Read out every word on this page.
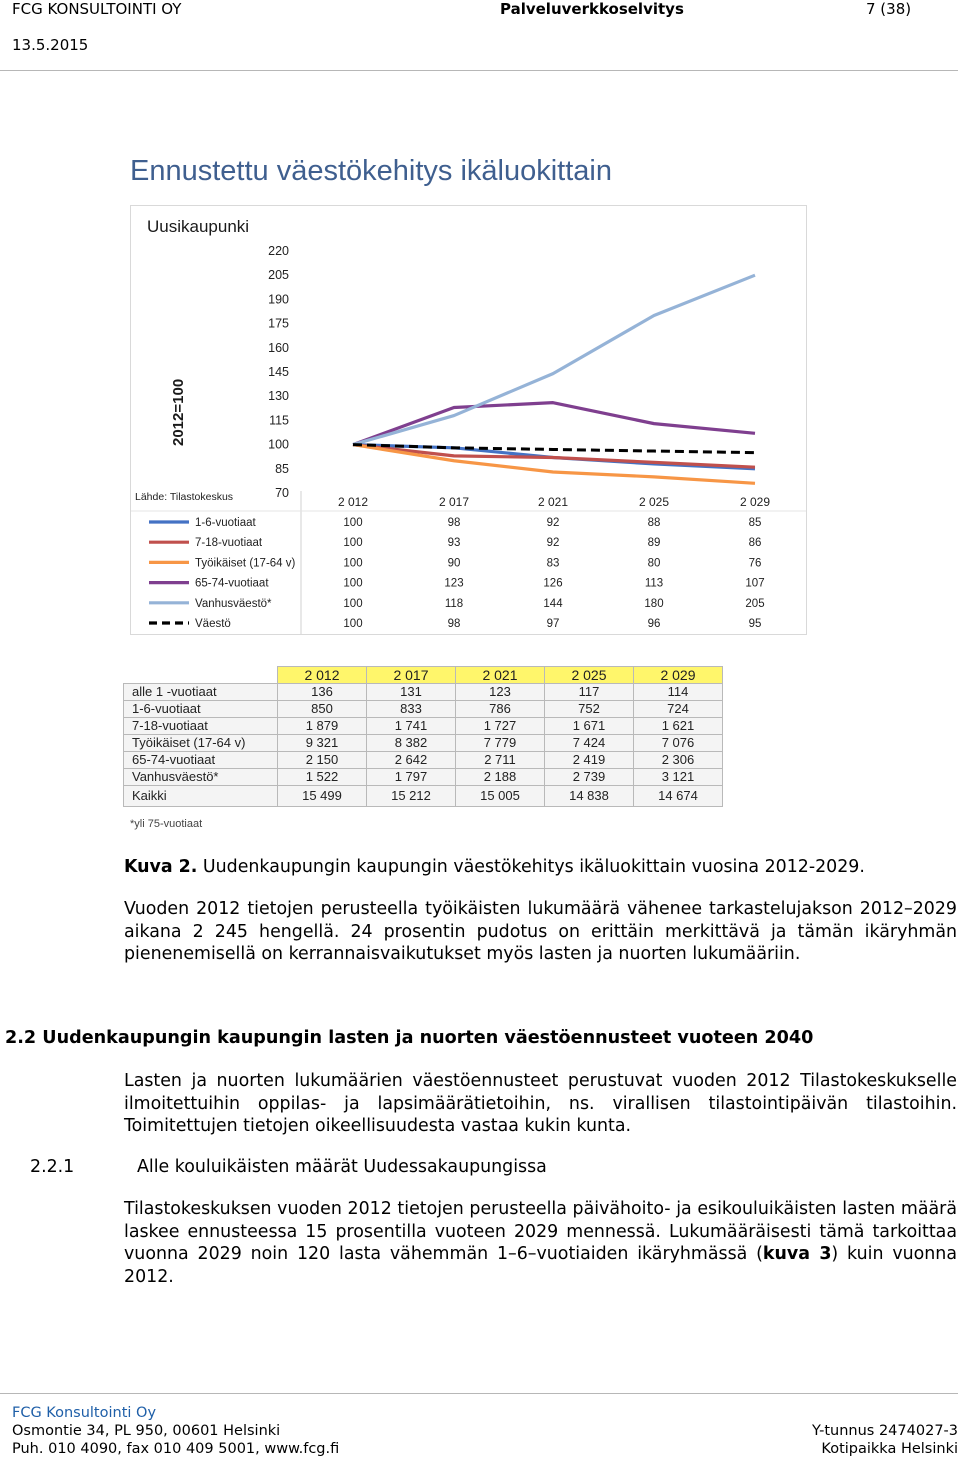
FCG KONSULTOINTI OY	Palveluverkkoselvitys	7 (38)
13.5.2015
Ennustettu väestökehitys ikäluokittain
Uusikaupunki
2012=100
Lähde: Tilastokeskus
220
205
190
175
160
145
130
115
100
85
70
2 012	2 017	2 021	2 025	2 029
1-6-vuotiaat	100	98	92	88	85
7-18-vuotiaat	100	93	92	89	86
Työikäiset (17-64 v)	100	90	83	80	76
65-74-vuotiaat	100	123	126	113	107
Vanhusväestö*	100	118	144	180	205
Väestö	100	98	97	96	95
	2 012	2 017	2 021	2 025	2 029
alle 1 -vuotiaat	136	131	123	117	114
1-6-vuotiaat	850	833	786	752	724
7-18-vuotiaat	1 879	1 741	1 727	1 671	1 621
Työikäiset (17-64 v)	9 321	8 382	7 779	7 424	7 076
65-74-vuotiaat	2 150	2 642	2 711	2 419	2 306
Vanhusväestö*	1 522	1 797	2 188	2 739	3 121
Kaikki	15 499	15 212	15 005	14 838	14 674
*yli 75-vuotiaat
Kuva 2. Uudenkaupungin kaupungin väestökehitys ikäluokittain vuosina 2012-2029.
Vuoden 2012 tietojen perusteella työikäisten lukumäärä vähenee tarkastelujakson 2012–2029 aikana 2 245 hengellä. 24 prosentin pudotus on erittäin merkittävä ja tämän ikäryhmän pienenemisellä on kerrannaisvaikutukset myös lasten ja nuorten lukumääriin.
2.2 Uudenkaupungin kaupungin lasten ja nuorten väestöennusteet vuoteen 2040
Lasten ja nuorten lukumäärien väestöennusteet perustuvat vuoden 2012 Tilastokeskukselle ilmoitettuihin oppilas- ja lapsimäärätietoihin, ns. virallisen tilastointipäivän tilastoihin. Toimitettujen tietojen oikeellisuudesta vastaa kukin kunta.
2.2.1	Alle kouluikäisten määrät Uudessakaupungissa
Tilastokeskuksen vuoden 2012 tietojen perusteella päivähoito- ja esikouluikäisten lasten määrä laskee ennusteessa 15 prosentilla vuoteen 2029 mennessä. Lukumääräisesti tämä tarkoittaa vuonna 2029 noin 120 lasta vähemmän 1–6–vuotiaiden ikäryhmässä (kuva 3) kuin vuonna 2012.
FCG Konsultointi Oy
Osmontie 34, PL 950, 00601 Helsinki
Puh. 010 4090, fax 010 409 5001, www.fcg.fi
Y-tunnus 2474027-3
Kotipaikka Helsinki
